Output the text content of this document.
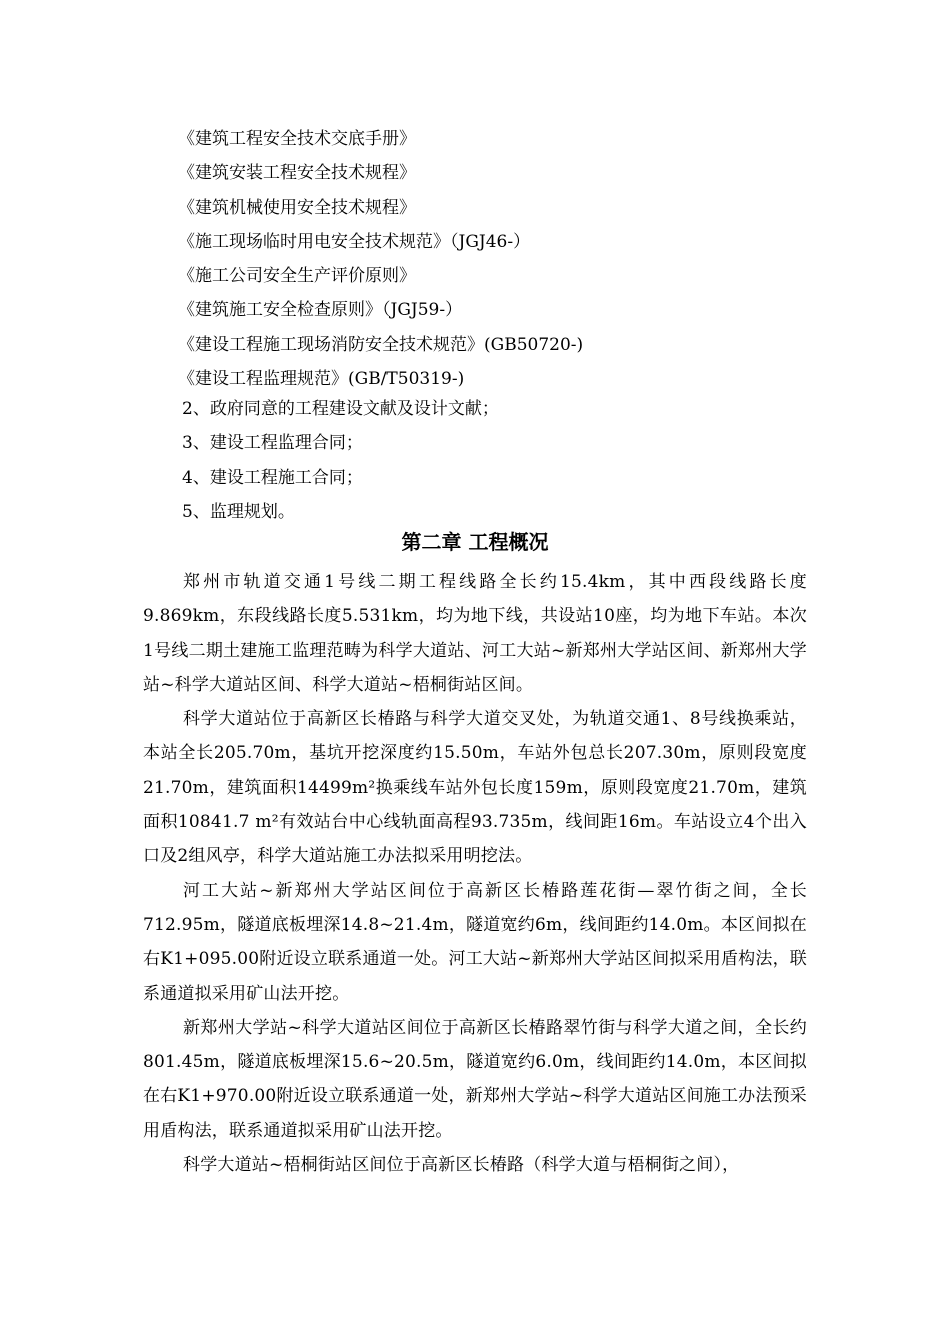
《建筑工程安全技术交底手册》
《建筑安装工程安全技术规程》
《建筑机械使用安全技术规程》
《施工现场临时用电安全技术规范》（JGJ46-）
《施工公司安全生产评价原则》
《建筑施工安全检查原则》（JGJ59-）
《建设工程施工现场消防安全技术规范》(GB50720-)
《建设工程监理规范》(GB/T50319-)
2、政府同意的工程建设文献及设计文献；
3、建设工程监理合同；
4、建设工程施工合同；
5、监理规划。
第二章 工程概况

郑州市轨道交通1号线二期工程线路全长约15.4km，其中西段线路长度9.869km，东段线路长度5.531km，均为地下线，共设站10座，均为地下车站。本次1号线二期土建施工监理范畴为科学大道站、河工大站~新郑州大学站区间、新郑州大学站~科学大道站区间、科学大道站~梧桐街站区间。

科学大道站位于高新区长椿路与科学大道交叉处，为轨道交通1、8号线换乘站，本站全长205.70m，基坑开挖深度约15.50m，车站外包总长207.30m，原则段宽度21.70m，建筑面积14499m²换乘线车站外包长度159m，原则段宽度21.70m，建筑面积10841.7 m²有效站台中心线轨面高程93.735m，线间距16m。车站设立4个出入口及2组风亭，科学大道站施工办法拟采用明挖法。

河工大站~新郑州大学站区间位于高新区长椿路莲花街—翠竹街之间，全长712.95m，隧道底板埋深14.8~21.4m，隧道宽约6m，线间距约14.0m。本区间拟在右K1+095.00附近设立联系通道一处。河工大站~新郑州大学站区间拟采用盾构法，联系通道拟采用矿山法开挖。

新郑州大学站~科学大道站区间位于高新区长椿路翠竹街与科学大道之间，全长约801.45m，隧道底板埋深15.6~20.5m，隧道宽约6.0m，线间距约14.0m，本区间拟在右K1+970.00附近设立联系通道一处，新郑州大学站~科学大道站区间施工办法预采用盾构法，联系通道拟采用矿山法开挖。

科学大道站~梧桐街站区间位于高新区长椿路（科学大道与梧桐街之间），
